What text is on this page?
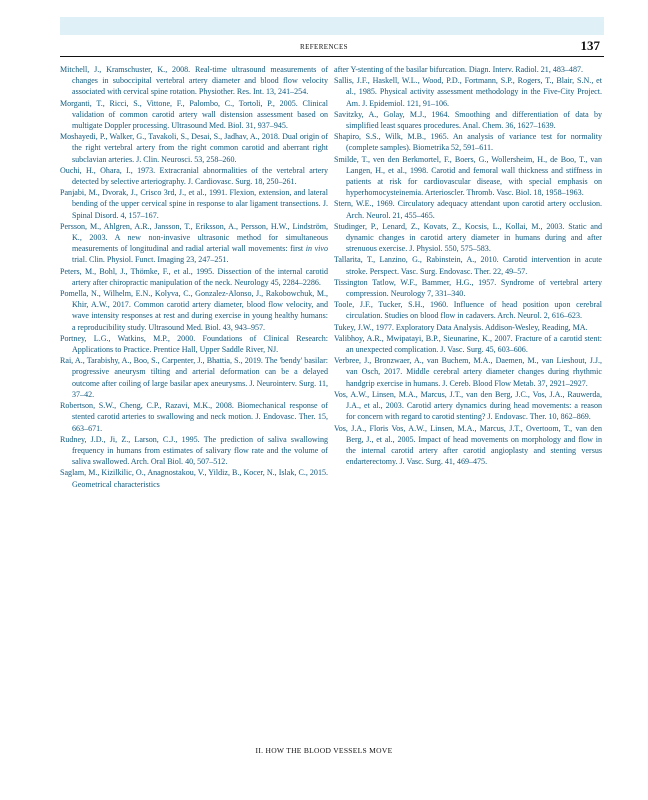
REFERENCES	137

Mitchell, J., Kramschuster, K., 2008. Real-time ultrasound measurements of changes in suboccipital vertebral artery diameter and blood flow velocity associated with cervical spine rotation. Physiother. Res. Int. 13, 241–254.

Morganti, T., Ricci, S., Vittone, F., Palombo, C., Tortoli, P., 2005. Clinical validation of common carotid artery wall distension assessment based on multigate Doppler processing. Ultrasound Med. Biol. 31, 937–945.

Moshayedi, P., Walker, G., Tavakoli, S., Desai, S., Jadhav, A., 2018. Dual origin of the right vertebral artery from the right common carotid and aberrant right subclavian arteries. J. Clin. Neurosci. 53, 258–260.

Ouchi, H., Ohara, I., 1973. Extracranial abnormalities of the vertebral artery detected by selective arteriography. J. Cardiovasc. Surg. 18, 250–261.

Panjabi, M., Dvorak, J., Crisco 3rd, J., et al., 1991. Flexion, extension, and lateral bending of the upper cervical spine in response to alar ligament transections. J. Spinal Disord. 4, 157–167.

Persson, M., Ahlgren, A.R., Jansson, T., Eriksson, A., Persson, H.W., Lindström, K., 2003. A new non-invasive ultrasonic method for simultaneous measurements of longitudinal and radial arterial wall movements: first in vivo trial. Clin. Physiol. Funct. Imaging 23, 247–251.

Peters, M., Bohl, J., Thömke, F., et al., 1995. Dissection of the internal carotid artery after chiropractic manipulation of the neck. Neurology 45, 2284–2286.

Pomella, N., Wilhelm, E.N., Kolyva, C., Gonzalez-Alonso, J., Rakobowchuk, M., Khir, A.W., 2017. Common carotid artery diameter, blood flow velocity, and wave intensity responses at rest and during exercise in young healthy humans: a reproducibility study. Ultrasound Med. Biol. 43, 943–957.

Portney, L.G., Watkins, M.P., 2000. Foundations of Clinical Research: Applications to Practice. Prentice Hall, Upper Saddle River, NJ.

Rai, A., Tarabishy, A., Boo, S., Carpenter, J., Bhattia, S., 2019. The 'bendy' basilar: progressive aneurysm tilting and arterial deformation can be a delayed outcome after coiling of large basilar apex aneurysms. J. Neurointerv. Surg. 11, 37–42.

Robertson, S.W., Cheng, C.P., Razavi, M.K., 2008. Biomechanical response of stented carotid arteries to swallowing and neck motion. J. Endovasc. Ther. 15, 663–671.

Rudney, J.D., Ji, Z., Larson, C.J., 1995. The prediction of saliva swallowing frequency in humans from estimates of salivary flow rate and the volume of saliva swallowed. Arch. Oral Biol. 40, 507–512.

Saglam, M., Kizilkilic, O., Anagnostakou, V., Yildiz, B., Kocer, N., Islak, C., 2015. Geometrical characteristics

after Y-stenting of the basilar bifurcation. Diagn. Interv. Radiol. 21, 483–487.

Sallis, J.F., Haskell, W.L., Wood, P.D., Fortmann, S.P., Rogers, T., Blair, S.N., et al., 1985. Physical activity assessment methodology in the Five-City Project. Am. J. Epidemiol. 121, 91–106.

Savitzky, A., Golay, M.J., 1964. Smoothing and differentiation of data by simplified least squares procedures. Anal. Chem. 36, 1627–1639.

Shapiro, S.S., Wilk, M.B., 1965. An analysis of variance test for normality (complete samples). Biometrika 52, 591–611.

Smilde, T., ven den Berkmortel, F., Boers, G., Wollersheim, H., de Boo, T., van Langen, H., et al., 1998. Carotid and femoral wall thickness and stiffness in patients at risk for cardiovascular disease, with special emphasis on hyperhomocysteinemia. Arterioscler. Thromb. Vasc. Biol. 18, 1958–1963.

Stern, W.E., 1969. Circulatory adequacy attendant upon carotid artery occlusion. Arch. Neurol. 21, 455–465.

Studinger, P., Lenard, Z., Kovats, Z., Kocsis, L., Kollai, M., 2003. Static and dynamic changes in carotid artery diameter in humans during and after strenuous exercise. J. Physiol. 550, 575–583.

Tallarita, T., Lanzino, G., Rabinstein, A., 2010. Carotid intervention in acute stroke. Perspect. Vasc. Surg. Endovasc. Ther. 22, 49–57.

Tissington Tatlow, W.F., Bammer, H.G., 1957. Syndrome of vertebral artery compression. Neurology 7, 331–340.

Toole, J.F., Tucker, S.H., 1960. Influence of head position upon cerebral circulation. Studies on blood flow in cadavers. Arch. Neurol. 2, 616–623.

Tukey, J.W., 1977. Exploratory Data Analysis. Addison-Wesley, Reading, MA.

Valibhoy, A.R., Mwipatayi, B.P., Sieunarine, K., 2007. Fracture of a carotid stent: an unexpected complication. J. Vasc. Surg. 45, 603–606.

Verbree, J., Bronzwaer, A., van Buchem, M.A., Daemen, M., van Lieshout, J.J., van Osch, 2017. Middle cerebral artery diameter changes during rhythmic handgrip exercise in humans. J. Cereb. Blood Flow Metab. 37, 2921–2927.

Vos, A.W., Linsen, M.A., Marcus, J.T., van den Berg, J.C., Vos, J.A., Rauwerda, J.A., et al., 2003. Carotid artery dynamics during head movements: a reason for concern with regard to carotid stenting? J. Endovasc. Ther. 10, 862–869.

Vos, J.A., Floris Vos, A.W., Linsen, M.A., Marcus, J.T., Overtoom, T., van den Berg, J., et al., 2005. Impact of head movements on morphology and flow in the internal carotid artery after carotid angioplasty and stenting versus endarterectomy. J. Vasc. Surg. 41, 469–475.

II. HOW THE BLOOD VESSELS MOVE
